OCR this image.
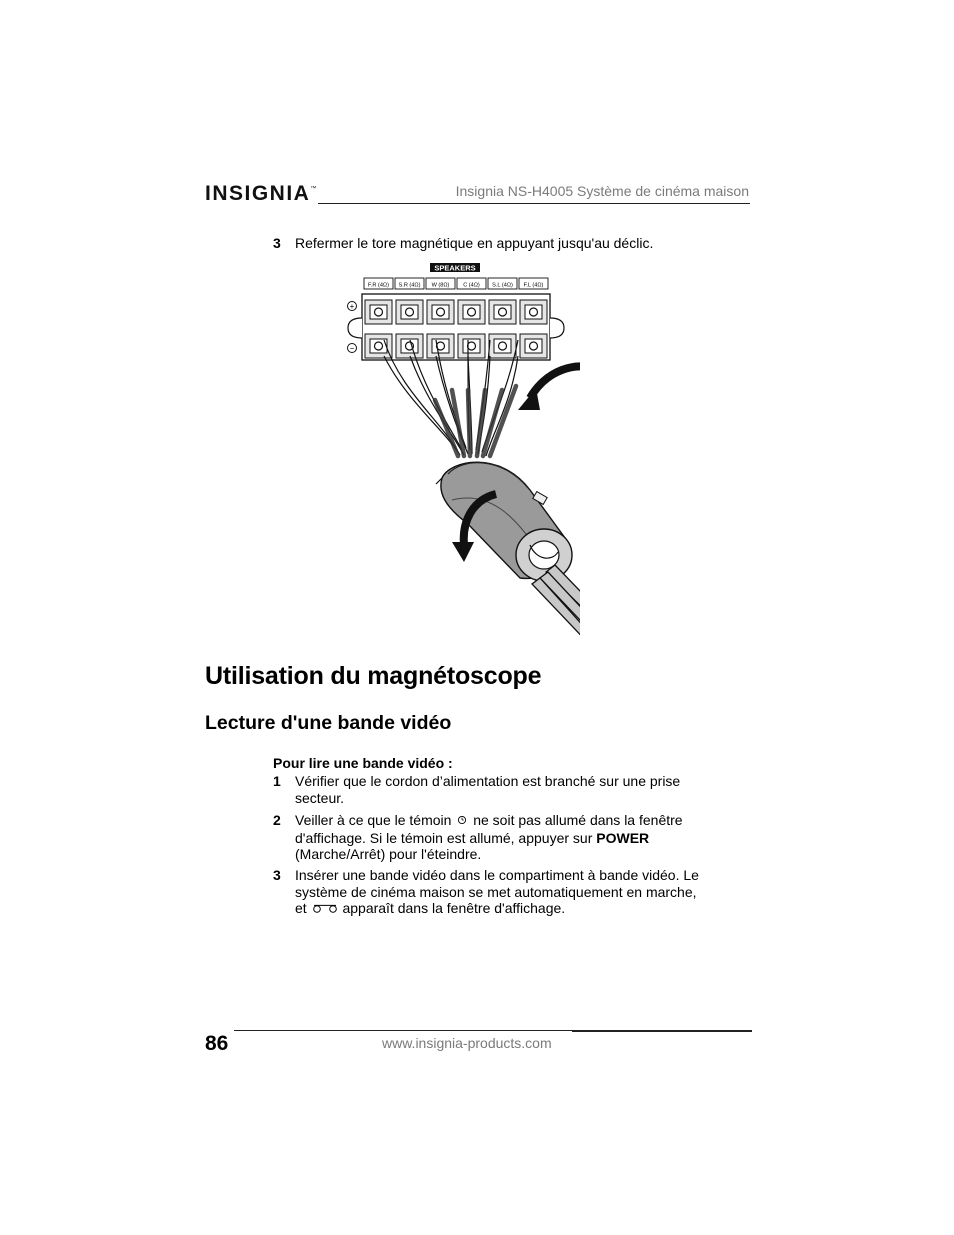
INSIGNIA™	Insignia NS-H4005 Système de cinéma maison
3 Refermer le tore magnétique en appuyant jusqu'au déclic.
SPEAKERS
F.R (4Ω) S.R (4Ω) W (8Ω) C (4Ω) S.L (4Ω) F.L (4Ω)
+
−
Utilisation du magnétoscope
Lecture d'une bande vidéo
Pour lire une bande vidéo :
1 Vérifier que le cordon d’alimentation est branché sur une prise
secteur.
2 Veiller à ce que le témoin ne soit pas allumé dans la fenêtre
d'affichage. Si le témoin est allumé, appuyer sur POWER
(Marche/Arrêt) pour l'éteindre.
3 Insérer une bande vidéo dans le compartiment à bande vidéo. Le
système de cinéma maison se met automatiquement en marche,
et	apparaît dans la fenêtre d'affichage.
86	www.insignia-products.com
